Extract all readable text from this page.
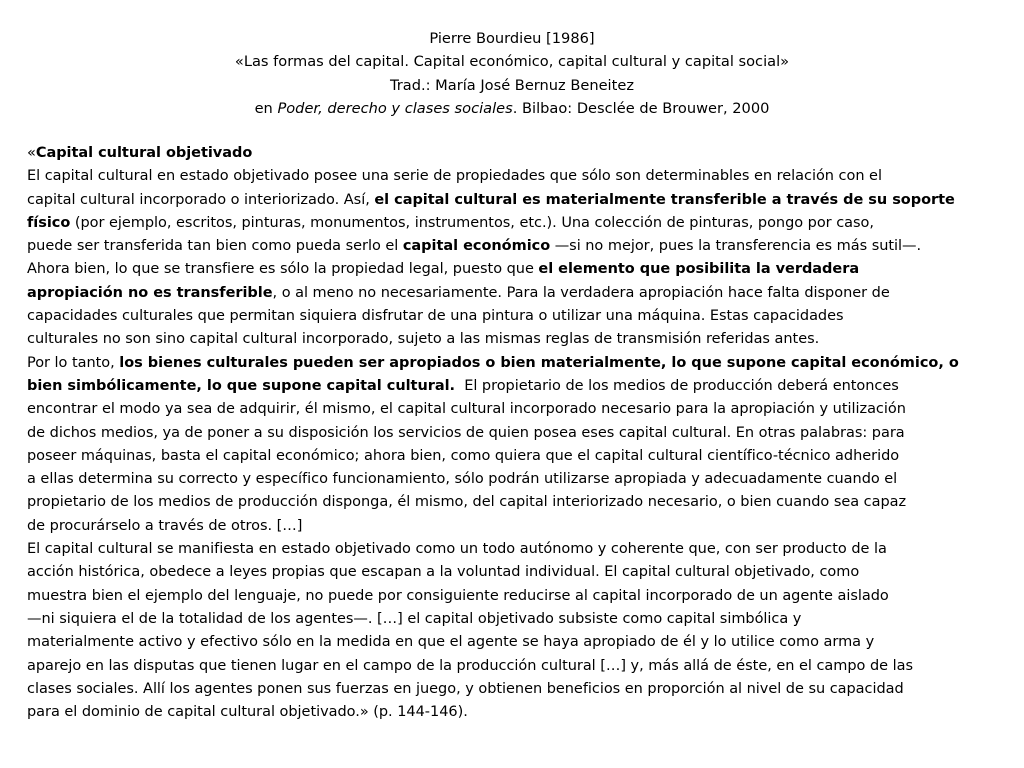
Pierre Bourdieu [1986]
«Las formas del capital. Capital económico, capital cultural y capital social»
Trad.: María José Bernuz Beneitez
en Poder, derecho y clases sociales. Bilbao: Desclée de Brouwer, 2000
«Capital cultural objetivado
El capital cultural en estado objetivado posee una serie de propiedades que sólo son determinables en relación con el
capital cultural incorporado o interiorizado. Así, el capital cultural es materialmente transferible a través de su soporte
físico (por ejemplo, escritos, pinturas, monumentos, instrumentos, etc.). Una colección de pinturas, pongo por caso,
puede ser transferida tan bien como pueda serlo el capital económico —si no mejor, pues la transferencia es más sutil—.
Ahora bien, lo que se transfiere es sólo la propiedad legal, puesto que el elemento que posibilita la verdadera
apropiación no es transferible, o al meno no necesariamente. Para la verdadera apropiación hace falta disponer de
capacidades culturales que permitan siquiera disfrutar de una pintura o utilizar una máquina. Estas capacidades
culturales no son sino capital cultural incorporado, sujeto a las mismas reglas de transmisión referidas antes.
Por lo tanto, los bienes culturales pueden ser apropiados o bien materialmente, lo que supone capital económico, o
bien simbólicamente, lo que supone capital cultural.  El propietario de los medios de producción deberá entonces
encontrar el modo ya sea de adquirir, él mismo, el capital cultural incorporado necesario para la apropiación y utilización
de dichos medios, ya de poner a su disposición los servicios de quien posea eses capital cultural. En otras palabras: para
poseer máquinas, basta el capital económico; ahora bien, como quiera que el capital cultural científico-técnico adherido
a ellas determina su correcto y específico funcionamiento, sólo podrán utilizarse apropiada y adecuadamente cuando el
propietario de los medios de producción disponga, él mismo, del capital interiorizado necesario, o bien cuando sea capaz
de procurárselo a través de otros. […]
El capital cultural se manifiesta en estado objetivado como un todo autónomo y coherente que, con ser producto de la
acción histórica, obedece a leyes propias que escapan a la voluntad individual. El capital cultural objetivado, como
muestra bien el ejemplo del lenguaje, no puede por consiguiente reducirse al capital incorporado de un agente aislado
—ni siquiera el de la totalidad de los agentes—. […] el capital objetivado subsiste como capital simbólica y
materialmente activo y efectivo sólo en la medida en que el agente se haya apropiado de él y lo utilice como arma y
aparejo en las disputas que tienen lugar en el campo de la producción cultural […] y, más allá de éste, en el campo de las
clases sociales. Allí los agentes ponen sus fuerzas en juego, y obtienen beneficios en proporción al nivel de su capacidad
para el dominio de capital cultural objetivado.» (p. 144-146).
